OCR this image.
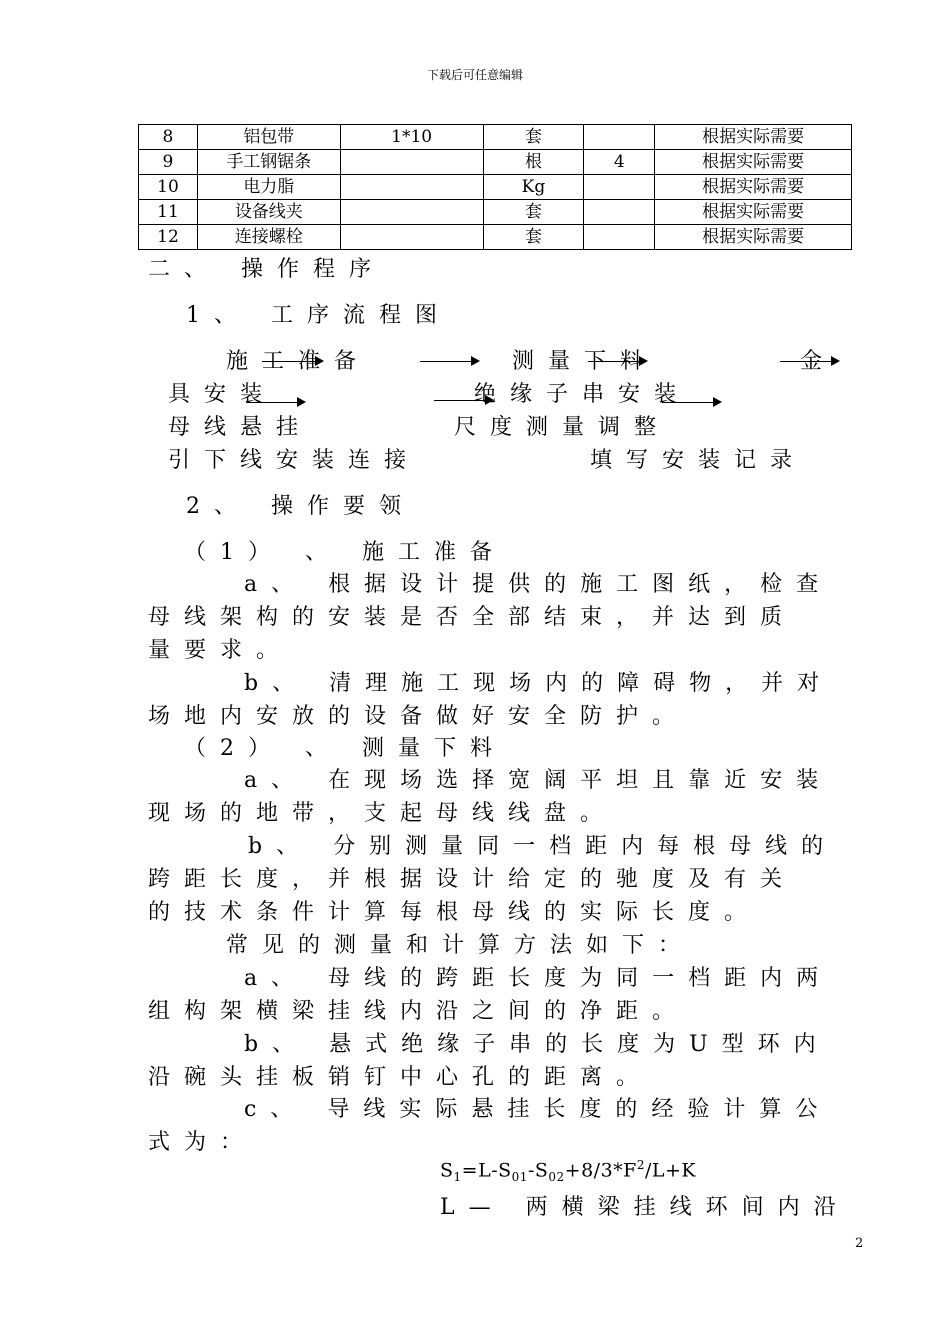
下载后可任意编辑
8	铝包带	1*10	套		根据实际需要
9	手工钢锯条		根	4	根据实际需要
10	电力脂		Kg		根据实际需要
11	设备线夹		套		根据实际需要
12	连接螺栓		套		根据实际需要
二、 操作程序
1、 工序流程图
施工准备	测量下料	金
具安装	绝缘子串安装
母线悬挂	尺度测量调整
引下线安装连接	填写安装记录
2、 操作要领
（1） 、 施工准备
a、 根据设计提供的施工图纸，检查
母线架构的安装是否全部结束，并达到质
量要求。
b、 清理施工现场内的障碍物，并对
场地内安放的设备做好安全防护。
（2） 、 测量下料
a、 在现场选择宽阔平坦且靠近安装
现场的地带，支起母线线盘。
b、 分别测量同一档距内每根母线的
跨距长度，并根据设计给定的驰度及有关
的技术条件计算每根母线的实际长度。
常见的测量和计算方法如下：
a、 母线的跨距长度为同一档距内两
组构架横梁挂线内沿之间的净距。
b、 悬式绝缘子串的长度为U型环内
沿碗头挂板销钉中心孔的距离。
c、 导线实际悬挂长度的经验计算公
式为：
$S_1=L-S_{01}-S_{02}+8/3*F^2/L+K$
L— 两横梁挂线环间内沿
2
